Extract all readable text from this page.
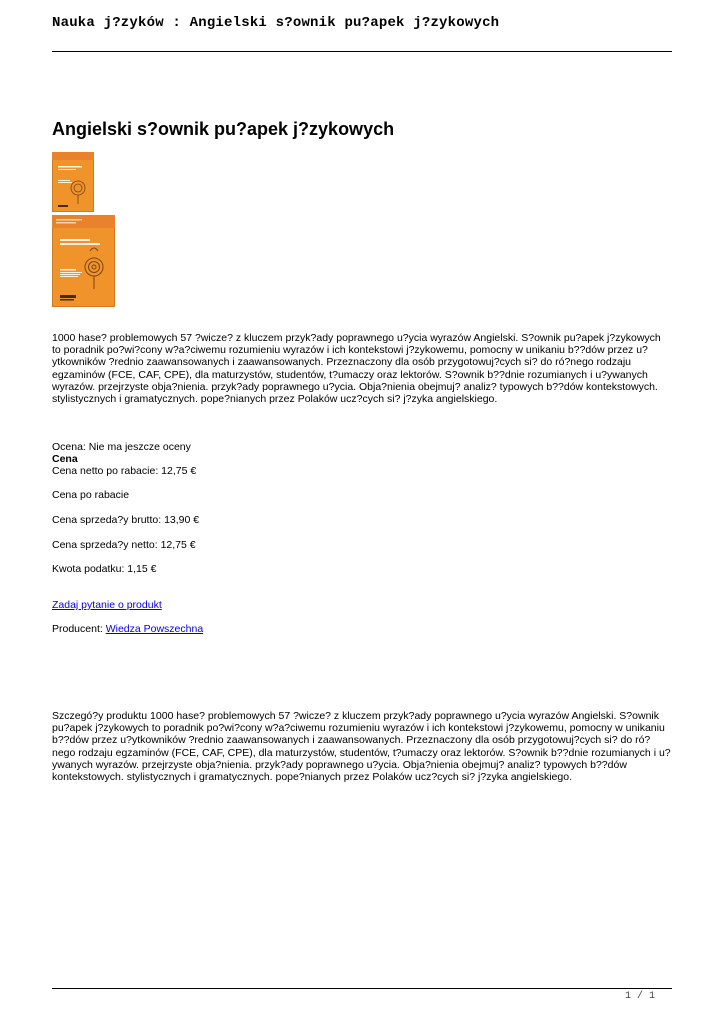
Nauka j?zyków : Angielski s?ownik pu?apek j?zykowych
Angielski s?ownik pu?apek j?zykowych

1000 hase? problemowych 57 ?wicze? z kluczem przyk?ady poprawnego u?ycia wyrazów Angielski. S?ownik pu?apek j?zykowych to poradnik po?wi?cony w?a?ciwemu rozumieniu wyrazów i ich kontekstowi j?zykowemu, pomocny w unikaniu b??dów przez u?ytkowników ?rednio zaawansowanych i zaawansowanych. Przeznaczony dla osób przygotowuj?cych si? do ró?nego rodzaju egzaminów (FCE, CAF, CPE), dla maturzystów, studentów, t?umaczy oraz lektorów. S?ownik b??dnie rozumianych i u?ywanych wyrazów. przejrzyste obja?nienia. przyk?ady poprawnego u?ycia. Obja?nienia obejmuj? analiz? typowych b??dów kontekstowych. stylistycznych i gramatycznych. pope?nianych przez Polaków ucz?cych si? j?zyka angielskiego.

Ocena: Nie ma jeszcze oceny
Cena
Cena netto po rabacie: 12,75 €
Cena po rabacie
Cena sprzeda?y brutto: 13,90 €
Cena sprzeda?y netto: 12,75 €
Kwota podatku: 1,15 €
Zadaj pytanie o produkt
Producent: Wiedza Powszechna

Szczegó?y produktu 1000 hase? problemowych 57 ?wicze? z kluczem przyk?ady poprawnego u?ycia wyrazów Angielski. S?ownik pu?apek j?zykowych to poradnik po?wi?cony w?a?ciwemu rozumieniu wyrazów i ich kontekstowi j?zykowemu, pomocny w unikaniu b??dów przez u?ytkowników ?rednio zaawansowanych i zaawansowanych. Przeznaczony dla osób przygotowuj?cych si? do ró?nego rodzaju egzaminów (FCE, CAF, CPE), dla maturzystów, studentów, t?umaczy oraz lektorów. S?ownik b??dnie rozumianych i u?ywanych wyrazów. przejrzyste obja?nienia. przyk?ady poprawnego u?ycia. Obja?nienia obejmuj? analiz? typowych b??dów kontekstowych. stylistycznych i gramatycznych. pope?nianych przez Polaków ucz?cych si? j?zyka angielskiego.

1 / 1
